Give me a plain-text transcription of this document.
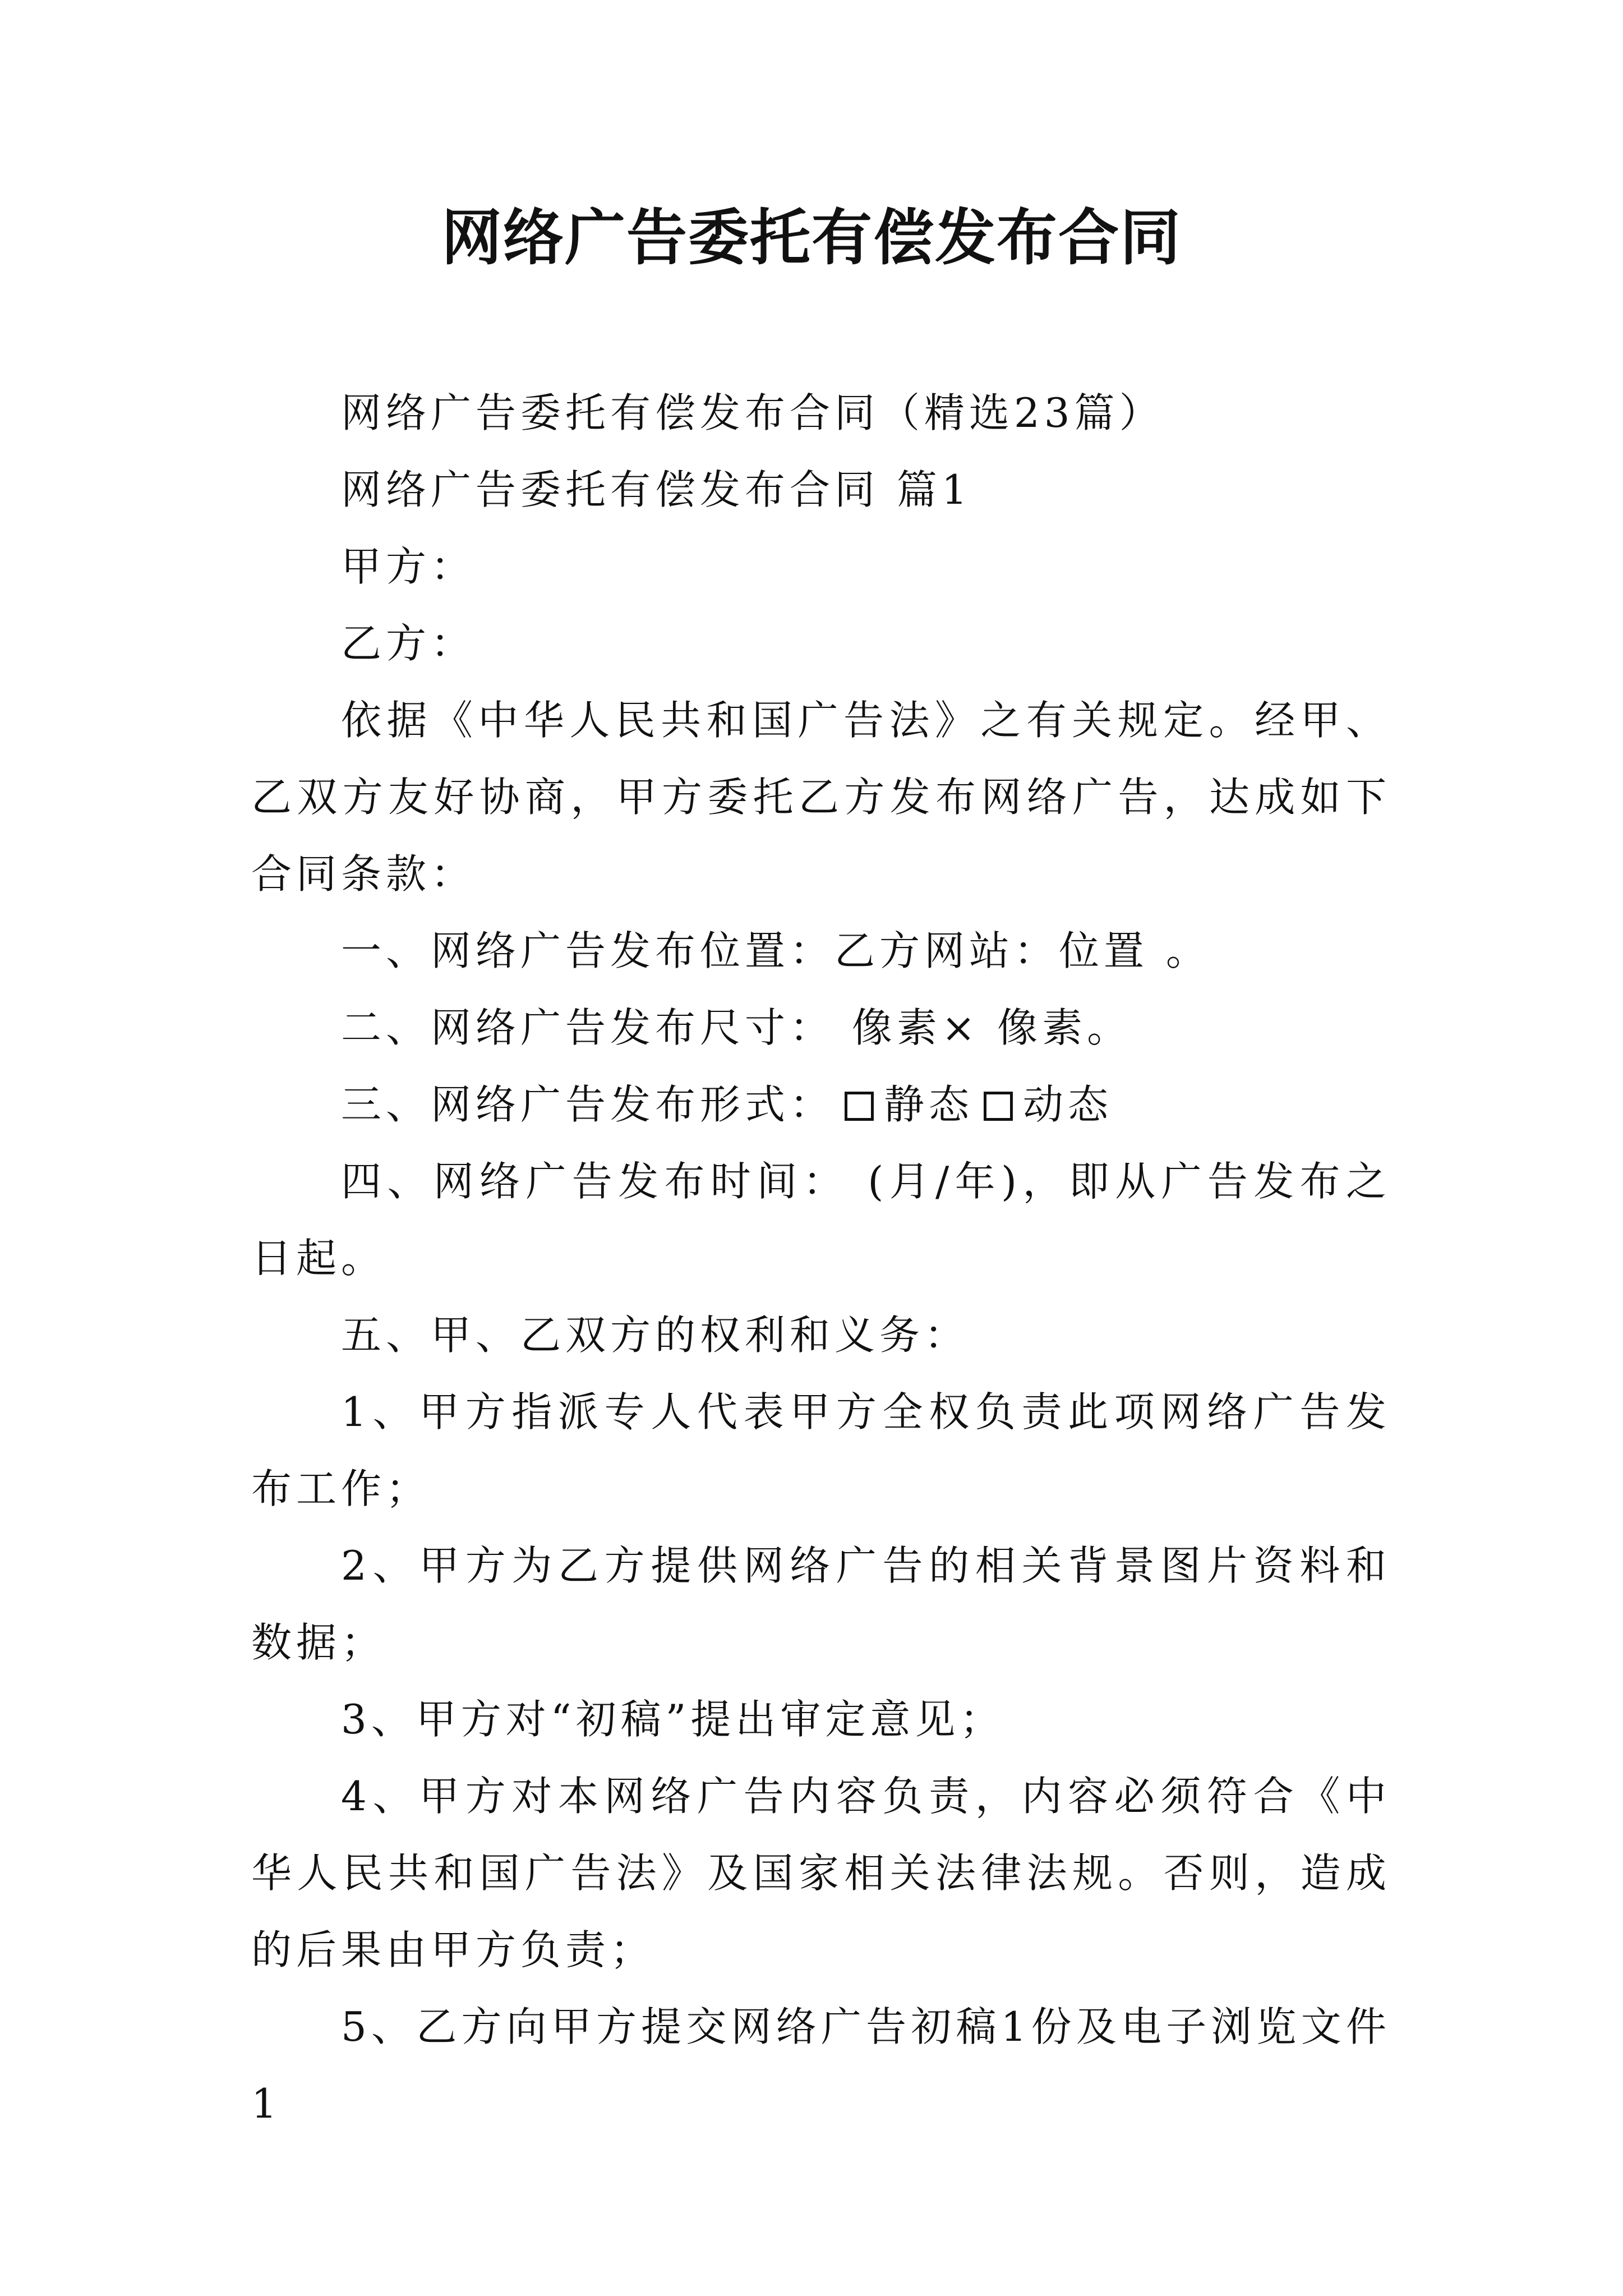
网络广告委托有偿发布合同

网络广告委托有偿发布合同（精选23篇）

网络广告委托有偿发布合同 篇1

甲方：

乙方：

依据《中华人民共和国广告法》之有关规定。经甲、乙双方友好协商，甲方委托乙方发布网络广告，达成如下合同条款：

一、网络广告发布位置：乙方网站：位置 。

二、网络广告发布尺寸： 像素× 像素。

三、网络广告发布形式： 静态 动态

四、网络广告发布时间： (月/年)，即从广告发布之日起。

五、甲、乙双方的权利和义务：

1、甲方指派专人代表甲方全权负责此项网络广告发布工作；

2、甲方为乙方提供网络广告的相关背景图片资料和数据；

3、甲方对“初稿”提出审定意见；

4、甲方对本网络广告内容负责，内容必须符合《中华人民共和国广告法》及国家相关法律法规。否则，造成的后果由甲方负责；

5、乙方向甲方提交网络广告初稿1份及电子浏览文件1
